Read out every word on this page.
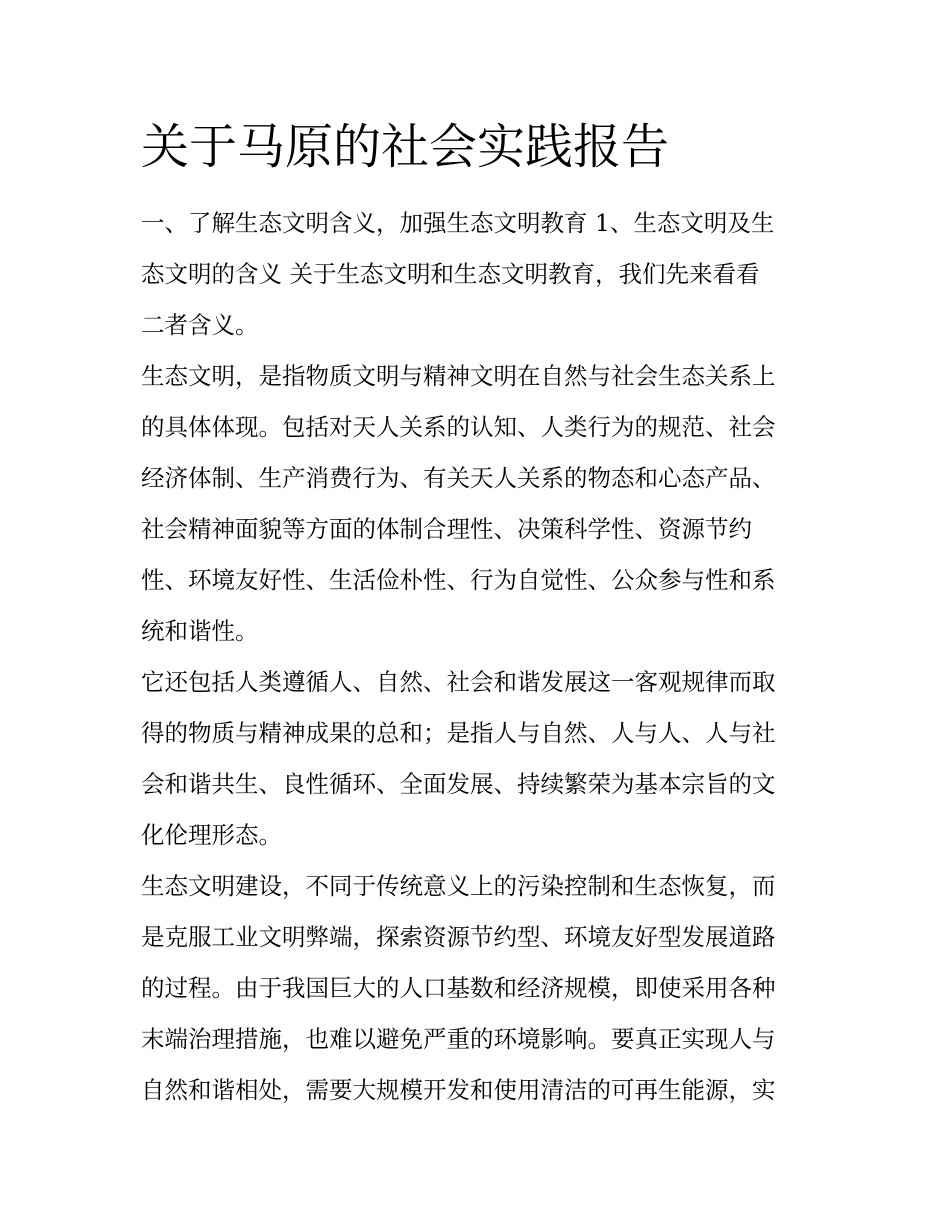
关于马原的社会实践报告
一、了解生态文明含义，加强生态文明教育 1、生态文明及生
态文明的含义 关于生态文明和生态文明教育，我们先来看看
二者含义。
生态文明，是指物质文明与精神文明在自然与社会生态关系上
的具体体现。包括对天人关系的认知、人类行为的规范、社会
经济体制、生产消费行为、有关天人关系的物态和心态产品、
社会精神面貌等方面的体制合理性、决策科学性、资源节约
性、环境友好性、生活俭朴性、行为自觉性、公众参与性和系
统和谐性。
它还包括人类遵循人、自然、社会和谐发展这一客观规律而取
得的物质与精神成果的总和；是指人与自然、人与人、人与社
会和谐共生、良性循环、全面发展、持续繁荣为基本宗旨的文
化伦理形态。
生态文明建设，不同于传统意义上的污染控制和生态恢复，而
是克服工业文明弊端，探索资源节约型、环境友好型发展道路
的过程。由于我国巨大的人口基数和经济规模，即使采用各种
末端治理措施，也难以避免严重的环境影响。要真正实现人与
自然和谐相处，需要大规模开发和使用清洁的可再生能源，实
